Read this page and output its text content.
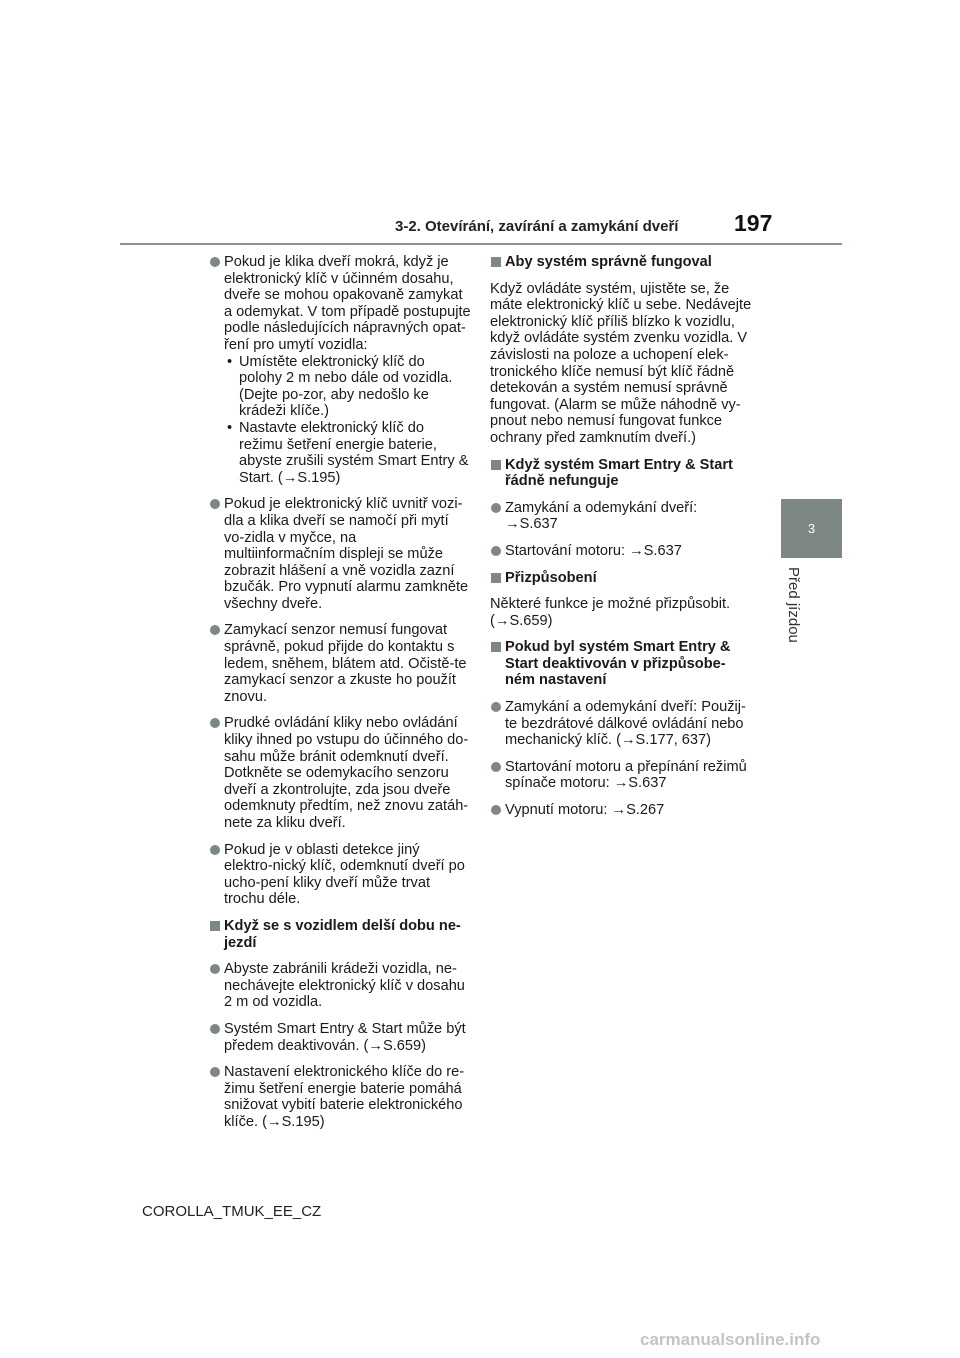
3-2. Otevírání, zavírání a zamykání dveří	197
3
Před jízdou
Pokud je klika dveří mokrá, když je elektronický klíč v účinném dosahu, dveře se mohou opakovaně zamykat a odemykat. V tom případě postupujte podle následujících nápravných opat-ření pro umytí vozidla:
• Umístěte elektronický klíč do polohy 2 m nebo dále od vozidla. (Dejte po-zor, aby nedošlo ke krádeži klíče.)
• Nastavte elektronický klíč do režimu šetření energie baterie, abyste zrušili systém Smart Entry & Start. (→S.195)
Pokud je elektronický klíč uvnitř vozi-dla a klika dveří se namočí při mytí vo-zidla v myčce, na multiinformačním displeji se může zobrazit hlášení a vně vozidla zazní bzučák. Pro vypnutí alarmu zamkněte všechny dveře.
Zamykací senzor nemusí fungovat správně, pokud přijde do kontaktu s ledem, sněhem, blátem atd. Očistě-te zamykací senzor a zkuste ho použít znovu.
Prudké ovládání kliky nebo ovládání kliky ihned po vstupu do účinného do-sahu může bránit odemknutí dveří. Dotkněte se odemykacího senzoru dveří a zkontrolujte, zda jsou dveře odemknuty předtím, než znovu zatáh-nete za kliku dveří.
Pokud je v oblasti detekce jiný elektro-nický klíč, odemknutí dveří po ucho-pení kliky dveří může trvat trochu déle.
Když se s vozidlem delší dobu ne-jezdí
Abyste zabránili krádeži vozidla, ne-nechávejte elektronický klíč v dosahu 2 m od vozidla.
Systém Smart Entry & Start může být předem deaktivován. (→S.659)
Nastavení elektronického klíče do re-žimu šetření energie baterie pomáhá snižovat vybití baterie elektronického klíče. (→S.195)
Aby systém správně fungoval
Když ovládáte systém, ujistěte se, že máte elektronický klíč u sebe. Nedávejte elektronický klíč příliš blízko k vozidlu, když ovládáte systém zvenku vozidla. V závislosti na poloze a uchopení elek-tronického klíče nemusí být klíč řádně detekován a systém nemusí správně fungovat. (Alarm se může náhodně vy-pnout nebo nemusí fungovat funkce ochrany před zamknutím dveří.)
Když systém Smart Entry & Start řádně nefunguje
Zamykání a odemykání dveří: →S.637
Startování motoru: →S.637
Přizpůsobení
Některé funkce je možné přizpůsobit. (→S.659)
Pokud byl systém Smart Entry & Start deaktivován v přizpůsobe-ném nastavení
Zamykání a odemykání dveří: Použij-te bezdrátové dálkové ovládání nebo mechanický klíč. (→S.177, 637)
Startování motoru a přepínání režimů spínače motoru: →S.637
Vypnutí motoru: →S.267
COROLLA_TMUK_EE_CZ
carmanualsonline.info
